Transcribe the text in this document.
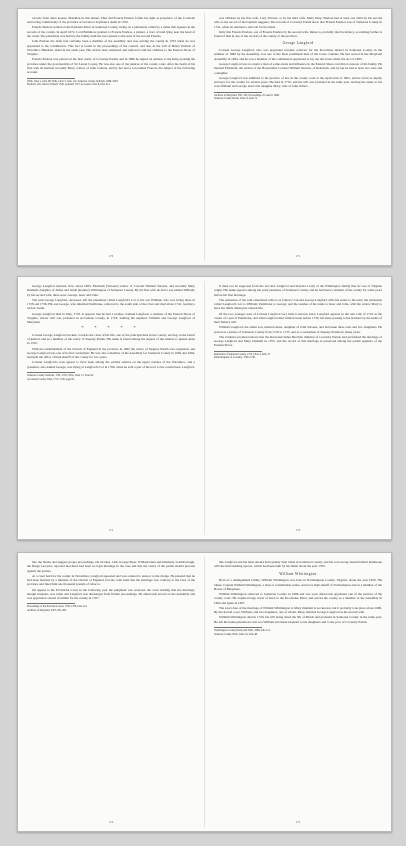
records from other houses. Brazilian in this matter. Thus did Francis Ensbon forfeit his right as proprietor of the Cornwall and loving commonalty of the province at Governor Seymour's death in 1709.

Francis Ensbon settled on the Patuxent River in Somerset County, living on a plantation called by a name that appears in the records of the county. In April 1672, Lord Baltimore granted to Francis Ensbon, a planter, a tract of land lying near the head of the creek. The plantation was held by the family until the tract passed to the sons of the second Francis.

John Ensbon the elder had certainly been a member of the assembly and was serving the county in 1703 when he was appointed to the commission. This fact is found in the proceedings of the council, and also in the will of Henry Ensbon of Wicomico Hundred, dated in the same year. His widow later remarried and removed with her children to the Eastern Shore of Virginia.

Francis Ensbon was placed on the first vestry of Coventry Parish, and in 1696 he signed an address to the King praising the province under the governorship of Sir Lionel Copley. He was also one of the justices of the county court. After the death of his first wife he married secondly Mary, widow of John Cannon, and by her had a son named Francis, the subject of the following account.

Wills, Liber 1, folio 48; Wills, Liber 3, folio 112; Somerset County Judicials, 1689–1693.

Ensbon's will, dated 14 March 1726, probated 1727; Accounts, Liber 8, folio 214.

170

was children by his first wife, Lucy Wroten, or by his third wife, Mary King. Ensbon had at least one child by his second wife as the record of the baptism suggests. The records of Coventry Parish show that Francis Ensbon was of Somerset County in 1741, when he returned a rent roll for his lands.

Only this Francis Ensbon, son of Francis Ensbon by his second wife, Rebecca, probably died in infancy, as nothing further is found of him in any of the records of the county or the province.

George Langford

Colonel George Langford, who was appointed revenue collector for the Pocomoke district in Somerset County in the summer of 1698 by the Assembly, was one of the most prominent men of the lower counties. He had served in the Maryland Assembly in 1694, and he was a member of the commission appointed to lay out the towns under the Act of 1683.

George Langford was no doubt a man of some estate and influence in the Eastern Shore, but little is known of his family. He married Elizabeth, the widow of the Honourable Colonel William Stevens, of Rehoboth, and by her he had at least two sons and a daughter.

George Langford was admitted to the practice of law in the county court at the April term of 1691, and he acted as deputy surveyor for the county for several years. He died in 1710, and his will was probated in the same year, leaving his estate to his sons William and George and to his daughter Mary, wife of John Waters.

Archives of Maryland, VIII, 345; Proceedings of Council, 1698.

Somerset County Deeds, Liber O, folio 72.

171

George Langford married, first, about 1683, Elizabeth (Stevens) widow of Colonel William Stevens, and secondly Mary Dashiell, daughter of James and Sarah (Kenner) Whittington of Somerset County. By his first wife he had a son named William; by his second wife, three sons, George, Isaac and John.

The said George Langford, deceased, left the plantation called Langford's Lot to his son William, who was living there in 1728 and 1736. His son George, who inherited Pembroke, removed to the south side of the river and died about 1741, leaving a widow Sarah.

George Langford died in May, 1710. It appears that he had a brother, Samuel Langford, a resident of the Eastern Shore of Virginia, whose will was probated in Accomack County in 1718, naming his nephews William and George Langford of Maryland.

* * * * *

Colonel George Langford became, towards the close of his life, one of the principal men in the county, serving on the bench of justices and as a member of the vestry of Stepney Parish. His name is found among the signers of the address to Queen Anne in 1702.

With the establishment of the Church of England in the province in 1692 the vestry of Stepney Parish was organized, and George Langford was one of its first vestrymen. He was also a member of the Assembly for Somerset County in 1692 and 1694, and held the office of high sheriff of the county for two years.

Colonel Langford's sons appear to have been among the earliest settlers on the upper reaches of the Wicomico, and a grandson, also named George, was living at Langford's Lot in 1766, when he sold a part of the tract to his cousin Isaac Langford.

Somerset County Judicials, 1701–1702; Wills, Liber 13, folio 94.

Accomack County Wills, 1715–1720, page 62.

172

It must not be supposed from the fact that Langford had married a lady of the Whittington family that he was of Virginia origin. His name appears among the early patentees of Somerset County, and he had been a resident of the county for some years before his first marriage.

The substance of the said calendared wills is as follows: Colonel George Langford wills his estate to his sons; the plantation called Langford's Lot to William; Pembroke to George; and the residue of his lands to Isaac and John, with his widow Mary to have her thirds during her natural life.

Of the two younger sons of Colonel Langford very little is known. Isaac Langford appears in the rent rolls of 1723 as the owner of a part of Pembroke, and John Langford died without issue before 1730, his share passing to his brothers by the terms of their father's will.

William Langford, the eldest son, married Anne, daughter of John Stevens, and had issue three sons and two daughters. He served as a justice of Somerset County from 1719 to 1725, and as a vestryman of Stepney Parish for many years.

The evidence produced shows that the Reverend James Brechin, minister of Coventry Parish, had performed the marriage of George Langford and Mary Dashiell in 1705, and the record of this marriage is preserved among the parish registers of the Eastern Shore.

Rent Rolls of Somerset County, 1723; Liber 4, folio 37.

Parish Register of Coventry, 1700–1740.

173

into the matter and suggest proper proceedings. On October 14th, George Piper, William Dent and Kimberly Goldsborough, the Kings Lawyers, reported that there had been no legal marriage in the case and that the vestry of the parish should proceed against the parties.

At a court held for the county in November, Langford appeared and was ordered to answer to the charge. He pleaded that he had been married by a minister of the Church of England, but the court held that the marriage was contrary to the laws of the province and fined him one thousand pounds of tobacco.

On appeal to the Provincial Court in the following year the judgment was reversed, the court holding that the marriage, though irregular, was valid, and Langford was discharged from further proceedings. He afterwards served on the Assembly and was appointed colonel of militia for the county in 1707.

Proceedings of the Provincial Court, 1706–1708, folio 221.

Archives of Maryland, XXV, 202–204.

174

this Langford and his heirs should hold quietly their lands in Somerset County, and his son George should inherit Pembroke with the mill standing upon it, which had been built by his father about the year 1700.

William Whittington

Born of a distinguished family, William Whittington was born in Northampton County, Virginia, about the year 1650. His father, Captain William Whittington, a man of considerable estate, served as high sheriff of Northampton and as a member of the House of Burgesses.

William Whittington removed to Somerset County in 1686 and was soon afterwards appointed one of the justices of the county court. He acquired large tracts of land on the Pocomoke River, and served the county as a member of the Assembly in 1694 and again in 1697.

The exact date of the marriage of William Whittington to Mary Dashiell is not known, but it probably took place about 1690. By her he had a son, William, and two daughters, one of whom, Mary, married George Langford as his second wife.

William Whittington died in 1720, his will being dated the 5th of March and probated in Somerset County in the same year. He left his home plantation to his son William and made bequests to his daughters and to the poor of Coventry Parish.

Northampton County Deeds and Wills, 1686, folio 112.

Somerset County Wills, Liber 16, folio 48.

175
